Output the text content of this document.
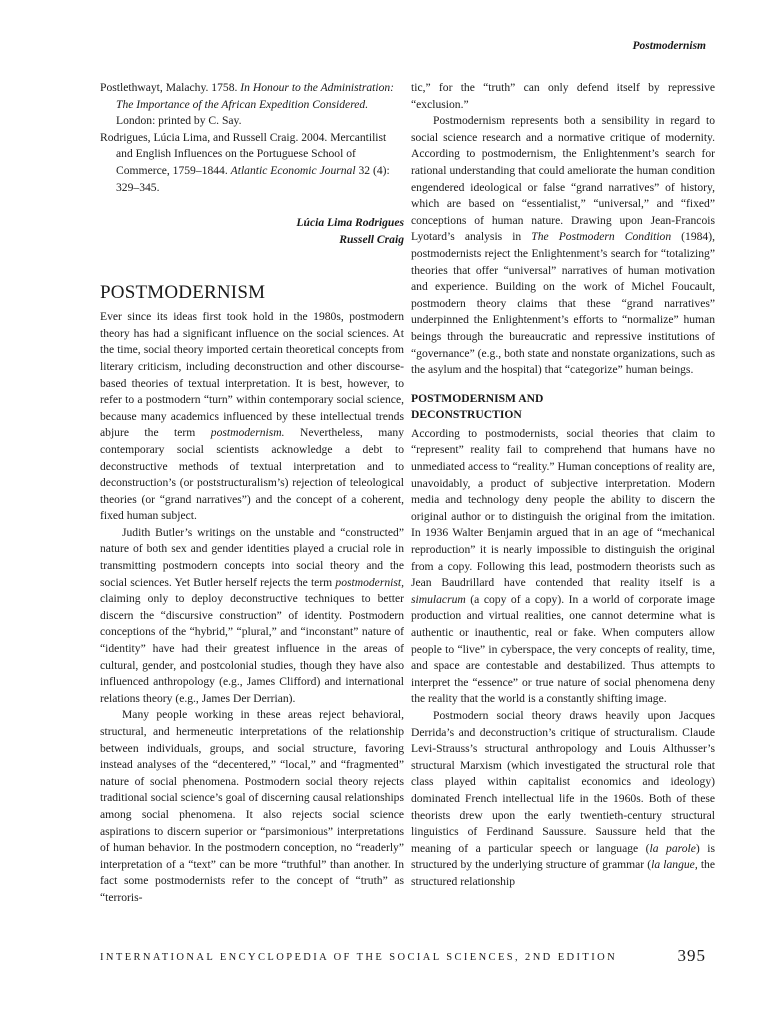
Postmodernism

Postlethwayt, Malachy. 1758. In Honour to the Administration: The Importance of the African Expedition Considered. London: printed by C. Say.

Rodrigues, Lúcia Lima, and Russell Craig. 2004. Mercantilist and English Influences on the Portuguese School of Commerce, 1759–1844. Atlantic Economic Journal 32 (4): 329–345.

Lúcia Lima Rodrigues
Russell Craig
POSTMODERNISM

Ever since its ideas first took hold in the 1980s, postmodern theory has had a significant influence on the social sciences. At the time, social theory imported certain theoretical concepts from literary criticism, including deconstruction and other discourse-based theories of textual interpretation. It is best, however, to refer to a postmodern “turn” within contemporary social science, because many academics influenced by these intellectual trends abjure the term postmodernism. Nevertheless, many contemporary social scientists acknowledge a debt to deconstructive methods of textual interpretation and to deconstruction’s (or poststructuralism’s) rejection of teleological theories (or “grand narratives”) and the concept of a coherent, fixed human subject.

Judith Butler’s writings on the unstable and “constructed” nature of both sex and gender identities played a crucial role in transmitting postmodern concepts into social theory and the social sciences. Yet Butler herself rejects the term postmodernist, claiming only to deploy deconstructive techniques to better discern the “discursive construction” of identity. Postmodern conceptions of the “hybrid,” “plural,” and “inconstant” nature of “identity” have had their greatest influence in the areas of cultural, gender, and postcolonial studies, though they have also influenced anthropology (e.g., James Clifford) and international relations theory (e.g., James Der Derrian).

Many people working in these areas reject behavioral, structural, and hermeneutic interpretations of the relationship between individuals, groups, and social structure, favoring instead analyses of the “decentered,” “local,” and “fragmented” nature of social phenomena. Postmodern social theory rejects traditional social science’s goal of discerning causal relationships among social phenomena. It also rejects social science aspirations to discern superior or “parsimonious” interpretations of human behavior. In the postmodern conception, no “readerly” interpretation of a “text” can be more “truthful” than another. In fact some postmodernists refer to the concept of “truth” as “terroris-

tic,” for the “truth” can only defend itself by repressive “exclusion.”

Postmodernism represents both a sensibility in regard to social science research and a normative critique of modernity. According to postmodernism, the Enlightenment’s search for rational understanding that could ameliorate the human condition engendered ideological or false “grand narratives” of history, which are based on “essentialist,” “universal,” and “fixed” conceptions of human nature. Drawing upon Jean-Francois Lyotard’s analysis in The Postmodern Condition (1984), postmodernists reject the Enlightenment’s search for “totalizing” theories that offer “universal” narratives of human motivation and experience. Building on the work of Michel Foucault, postmodern theory claims that these “grand narratives” underpinned the Enlightenment’s efforts to “normalize” human beings through the bureaucratic and repressive institutions of “governance” (e.g., both state and nonstate organizations, such as the asylum and the hospital) that “categorize” human beings.

POSTMODERNISM AND
DECONSTRUCTION

According to postmodernists, social theories that claim to “represent” reality fail to comprehend that humans have no unmediated access to “reality.” Human conceptions of reality are, unavoidably, a product of subjective interpretation. Modern media and technology deny people the ability to discern the original author or to distinguish the original from the imitation. In 1936 Walter Benjamin argued that in an age of “mechanical reproduction” it is nearly impossible to distinguish the original from a copy. Following this lead, postmodern theorists such as Jean Baudrillard have contended that reality itself is a simulacrum (a copy of a copy). In a world of corporate image production and virtual realities, one cannot determine what is authentic or inauthentic, real or fake. When computers allow people to “live” in cyberspace, the very concepts of reality, time, and space are contestable and destabilized. Thus attempts to interpret the “essence” or true nature of social phenomena deny the reality that the world is a constantly shifting image.

Postmodern social theory draws heavily upon Jacques Derrida’s and deconstruction’s critique of structuralism. Claude Levi-Strauss’s structural anthropology and Louis Althusser’s structural Marxism (which investigated the structural role that class played within capitalist economics and ideology) dominated French intellectual life in the 1960s. Both of these theorists drew upon the early twentieth-century structural linguistics of Ferdinand Saussure. Saussure held that the meaning of a particular speech or language (la parole) is structured by the underlying structure of grammar (la langue, the structured relationship

INTERNATIONAL ENCYCLOPEDIA OF THE SOCIAL SCIENCES, 2ND EDITION	395
